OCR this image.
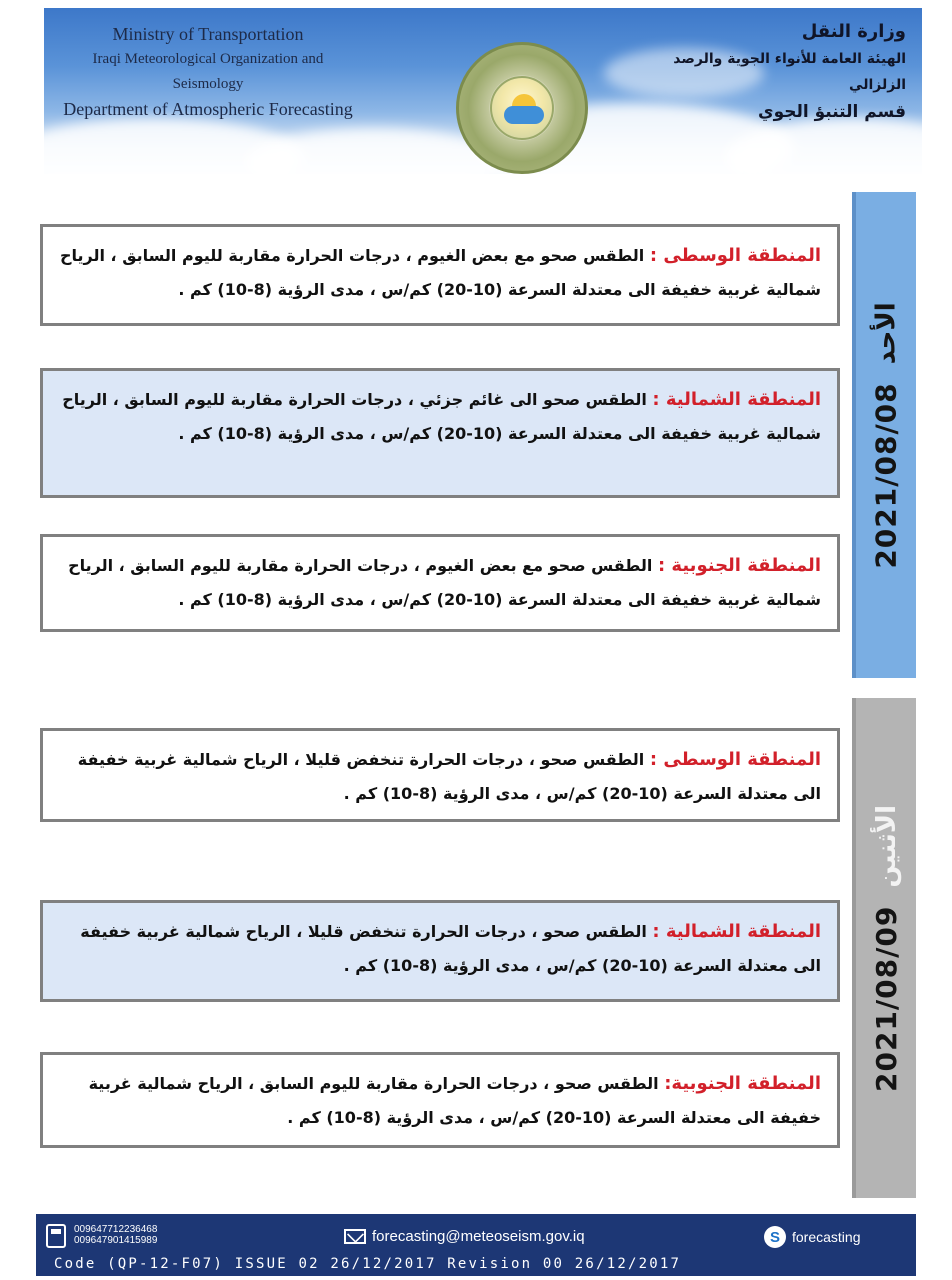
Ministry of Transportation
Iraqi Meteorological Organization and Seismology
Department of Atmospheric Forecasting
وزارة النقل
الهيئة العامة للأنواء الجوية والرصد الزلزالي
قسم التنبؤ الجوي
الأحد
2021/08/08
المنطقة الوسطى : الطقس صحو مع بعض الغيوم ، درجات الحرارة مقاربة لليوم السابق ، الرياح شمالية غربية خفيفة الى معتدلة السرعة (10-20) كم/س ، مدى الرؤية (8-10) كم .
المنطقة الشمالية : الطقس صحو الى غائم جزئي ، درجات الحرارة مقاربة لليوم السابق ، الرياح شمالية غربية خفيفة الى معتدلة السرعة (10-20) كم/س ، مدى الرؤية (8-10) كم .
المنطقة الجنوبية : الطقس صحو مع بعض الغيوم ، درجات الحرارة مقاربة لليوم السابق ، الرياح شمالية غربية خفيفة الى معتدلة السرعة (10-20) كم/س ، مدى الرؤية (8-10) كم .
الأثنين
2021/08/09
المنطقة الوسطى : الطقس صحو ، درجات الحرارة تنخفض قليلا ، الرياح شمالية غربية خفيفة الى معتدلة السرعة (10-20) كم/س ، مدى الرؤية (8-10) كم .
المنطقة الشمالية : الطقس صحو ، درجات الحرارة تنخفض قليلا ، الرياح شمالية غربية خفيفة الى معتدلة السرعة (10-20) كم/س ، مدى الرؤية (8-10) كم .
المنطقة الجنوبية: الطقس صحو ، درجات الحرارة مقاربة لليوم السابق ، الرياح شمالية غربية خفيفة الى معتدلة السرعة (10-20) كم/س ، مدى الرؤية (8-10) كم .
009647712236468
009647901415989	forecasting@meteoseism.gov.iq	S forecasting
Code (QP-12-F07) ISSUE 02 26/12/2017 Revision 00 26/12/2017
